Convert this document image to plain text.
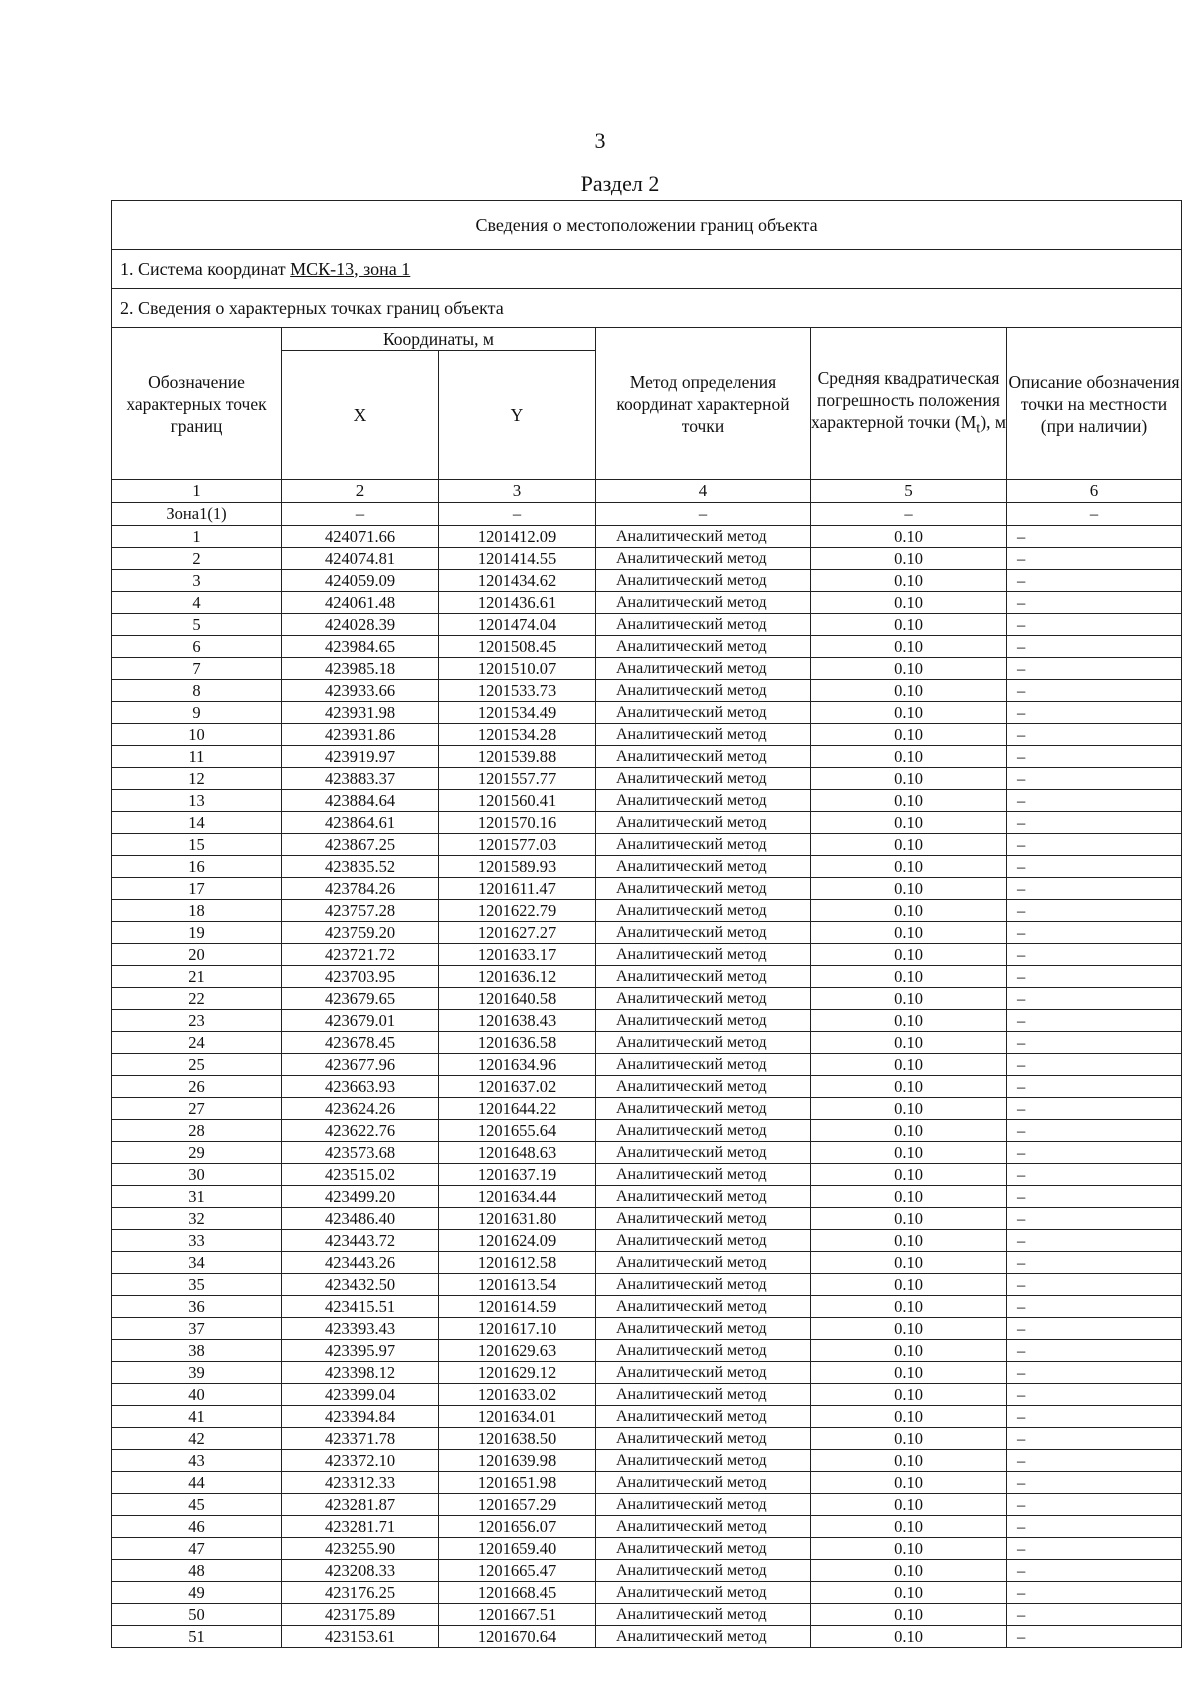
3
Раздел 2
Сведения о местоположении границ объекта					
1. Система координат МСК-13, зона 1					
2. Сведения о характерных точках границ объекта					
Обозначение характерных точек границ	Координаты, м		Метод определения координат характерной точки	Средняя квадратическая погрешность положения характерной точки $(M_t)$, м	Описание обозначения точки на местности (при наличии)
	X	Y			
1	2	3	4	5	6
Зона1(1)	–	–	–	–	–
1	424071.66	1201412.09	Аналитический метод	0.10	–
2	424074.81	1201414.55	Аналитический метод	0.10	–
3	424059.09	1201434.62	Аналитический метод	0.10	–
4	424061.48	1201436.61	Аналитический метод	0.10	–
5	424028.39	1201474.04	Аналитический метод	0.10	–
6	423984.65	1201508.45	Аналитический метод	0.10	–
7	423985.18	1201510.07	Аналитический метод	0.10	–
8	423933.66	1201533.73	Аналитический метод	0.10	–
9	423931.98	1201534.49	Аналитический метод	0.10	–
10	423931.86	1201534.28	Аналитический метод	0.10	–
11	423919.97	1201539.88	Аналитический метод	0.10	–
12	423883.37	1201557.77	Аналитический метод	0.10	–
13	423884.64	1201560.41	Аналитический метод	0.10	–
14	423864.61	1201570.16	Аналитический метод	0.10	–
15	423867.25	1201577.03	Аналитический метод	0.10	–
16	423835.52	1201589.93	Аналитический метод	0.10	–
17	423784.26	1201611.47	Аналитический метод	0.10	–
18	423757.28	1201622.79	Аналитический метод	0.10	–
19	423759.20	1201627.27	Аналитический метод	0.10	–
20	423721.72	1201633.17	Аналитический метод	0.10	–
21	423703.95	1201636.12	Аналитический метод	0.10	–
22	423679.65	1201640.58	Аналитический метод	0.10	–
23	423679.01	1201638.43	Аналитический метод	0.10	–
24	423678.45	1201636.58	Аналитический метод	0.10	–
25	423677.96	1201634.96	Аналитический метод	0.10	–
26	423663.93	1201637.02	Аналитический метод	0.10	–
27	423624.26	1201644.22	Аналитический метод	0.10	–
28	423622.76	1201655.64	Аналитический метод	0.10	–
29	423573.68	1201648.63	Аналитический метод	0.10	–
30	423515.02	1201637.19	Аналитический метод	0.10	–
31	423499.20	1201634.44	Аналитический метод	0.10	–
32	423486.40	1201631.80	Аналитический метод	0.10	–
33	423443.72	1201624.09	Аналитический метод	0.10	–
34	423443.26	1201612.58	Аналитический метод	0.10	–
35	423432.50	1201613.54	Аналитический метод	0.10	–
36	423415.51	1201614.59	Аналитический метод	0.10	–
37	423393.43	1201617.10	Аналитический метод	0.10	–
38	423395.97	1201629.63	Аналитический метод	0.10	–
39	423398.12	1201629.12	Аналитический метод	0.10	–
40	423399.04	1201633.02	Аналитический метод	0.10	–
41	423394.84	1201634.01	Аналитический метод	0.10	–
42	423371.78	1201638.50	Аналитический метод	0.10	–
43	423372.10	1201639.98	Аналитический метод	0.10	–
44	423312.33	1201651.98	Аналитический метод	0.10	–
45	423281.87	1201657.29	Аналитический метод	0.10	–
46	423281.71	1201656.07	Аналитический метод	0.10	–
47	423255.90	1201659.40	Аналитический метод	0.10	–
48	423208.33	1201665.47	Аналитический метод	0.10	–
49	423176.25	1201668.45	Аналитический метод	0.10	–
50	423175.89	1201667.51	Аналитический метод	0.10	–
51	423153.61	1201670.64	Аналитический метод	0.10	–
